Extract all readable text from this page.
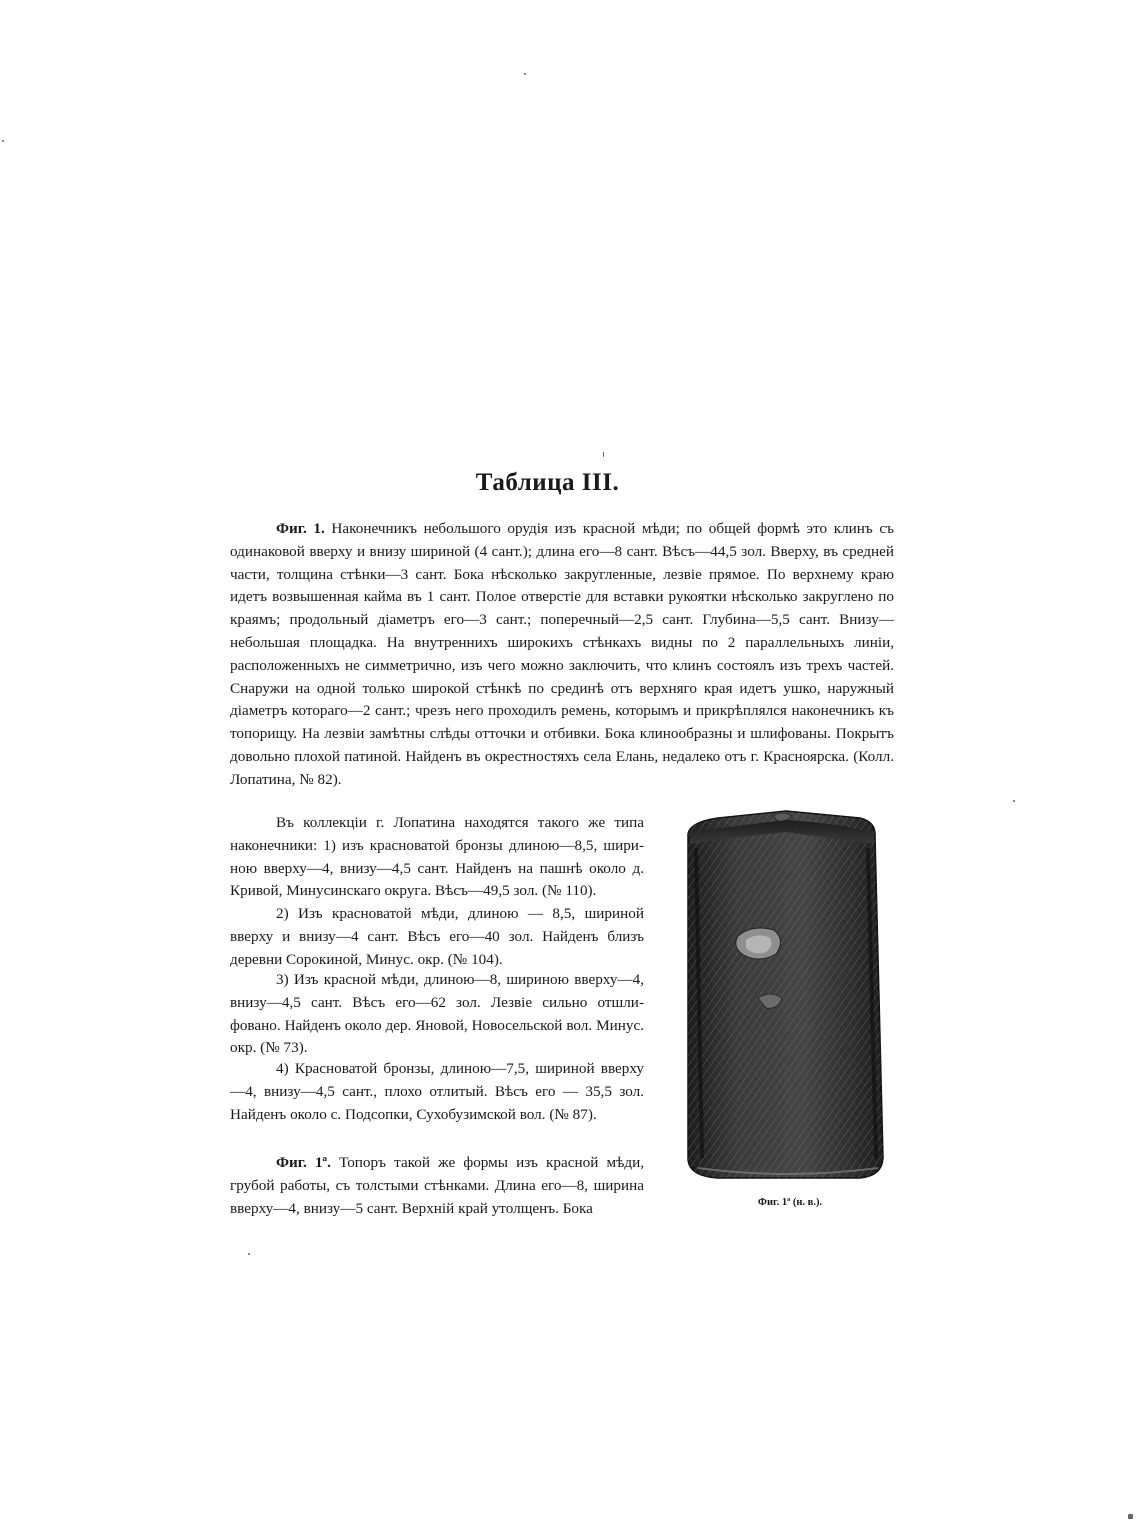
Таблица III.

Фиг. 1. Наконечникъ небольшого орудія изъ красной мѣди; по общей формѣ это клинъ съ одинаковой вверху и внизу шириной (4 сант.); длина его—8 сант. Вѣсъ—44,5 зол. Вверху, въ средней части, толщина стѣнки—3 сант. Бока нѣсколько закругленные, лезвіе прямое. По верхнему краю идетъ возвышенная кайма въ 1 сант. Полое отверстіе для вставки рукоятки нѣсколько закруглено по краямъ; продольный діаметръ его—3 сант.; поперечный—2,5 сант. Глубина—5,5 сант. Внизу—небольшая площадка. На внутреннихъ широкихъ стѣнкахъ видны по 2 параллельныхъ линіи, расположенныхъ не симметрично, изъ чего можно заключить, что клинъ состоялъ изъ трехъ частей. Снаружи на одной только широкой стѣнкѣ по срединѣ отъ верхняго края идетъ ушко, наружный діаметръ котораго—2 сант.; чрезъ него проходилъ ремень, которымъ и прикрѣплялся наконечникъ къ топорищу. На лезвіи замѣтны слѣды отточки и отбивки. Бока клинообразны и шлифованы. Покрытъ довольно плохой патиной. Найденъ въ окрестностяхъ села Елань, недалеко отъ г. Красноярска. (Колл. Лопатина, № 82).

Въ коллекціи г. Лопатина находятся такого же типа наконечники: 1) изъ красноватой бронзы длиною—8,5, шириною вверху—4, внизу—4,5 сант. Найденъ на пашнѣ около д. Кривой, Минусинскаго округа. Вѣсъ—49,5 зол. (№ 110).

2) Изъ красноватой мѣди, длиною — 8,5, шириной вверху и внизу—4 сант. Вѣсъ его—40 зол. Найденъ близъ деревни Сорокиной, Минус. окр. (№ 104).

3) Изъ красной мѣди, длиною—8, шириною вверху—4, внизу—4,5 сант. Вѣсъ его—62 зол. Лезвіе сильно отшлифовано. Найденъ около дер. Яновой, Новосельской вол. Минус. окр. (№ 73).

4) Красноватой бронзы, длиною—7,5, шириной вверху—4, внизу—4,5 сант., плохо отлитый. Вѣсъ его — 35,5 зол. Найденъ около с. Подсопки, Сухобузимской вол. (№ 87).

Фиг. 1ª. Топоръ такой же формы изъ красной мѣди, грубой работы, съ толстыми стѣнками. Длина его—8, ширина вверху—4, внизу—5 сант. Верхній край утолщенъ. Бока	Фиг. 1ª (н. в.).
